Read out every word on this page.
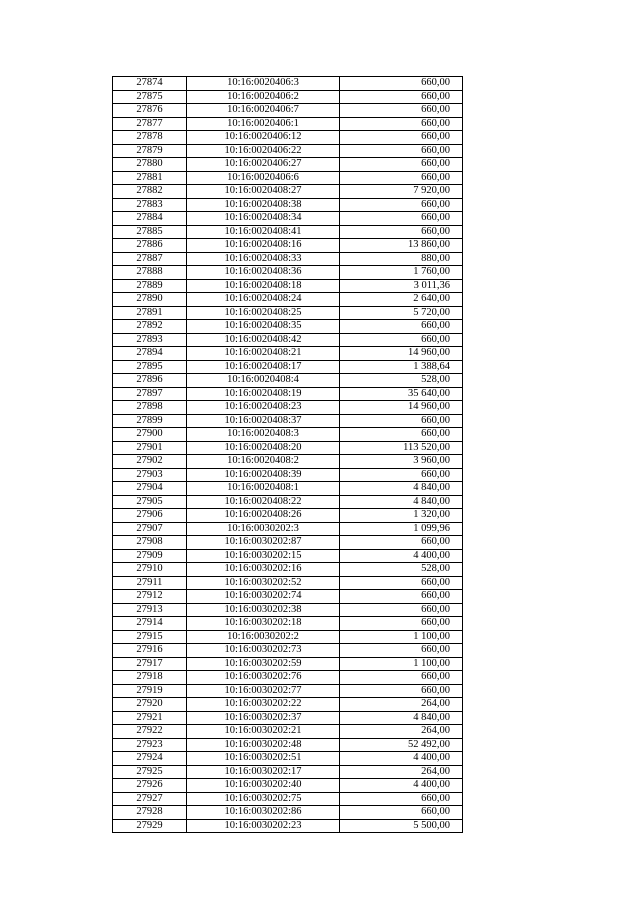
27874	10:16:0020406:3	660,00
27875	10:16:0020406:2	660,00
27876	10:16:0020406:7	660,00
27877	10:16:0020406:1	660,00
27878	10:16:0020406:12	660,00
27879	10:16:0020406:22	660,00
27880	10:16:0020406:27	660,00
27881	10:16:0020406:6	660,00
27882	10:16:0020408:27	7 920,00
27883	10:16:0020408:38	660,00
27884	10:16:0020408:34	660,00
27885	10:16:0020408:41	660,00
27886	10:16:0020408:16	13 860,00
27887	10:16:0020408:33	880,00
27888	10:16:0020408:36	1 760,00
27889	10:16:0020408:18	3 011,36
27890	10:16:0020408:24	2 640,00
27891	10:16:0020408:25	5 720,00
27892	10:16:0020408:35	660,00
27893	10:16:0020408:42	660,00
27894	10:16:0020408:21	14 960,00
27895	10:16:0020408:17	1 388,64
27896	10:16:0020408:4	528,00
27897	10:16:0020408:19	35 640,00
27898	10:16:0020408:23	14 960,00
27899	10:16:0020408:37	660,00
27900	10:16:0020408:3	660,00
27901	10:16:0020408:20	113 520,00
27902	10:16:0020408:2	3 960,00
27903	10:16:0020408:39	660,00
27904	10:16:0020408:1	4 840,00
27905	10:16:0020408:22	4 840,00
27906	10:16:0020408:26	1 320,00
27907	10:16:0030202:3	1 099,96
27908	10:16:0030202:87	660,00
27909	10:16:0030202:15	4 400,00
27910	10:16:0030202:16	528,00
27911	10:16:0030202:52	660,00
27912	10:16:0030202:74	660,00
27913	10:16:0030202:38	660,00
27914	10:16:0030202:18	660,00
27915	10:16:0030202:2	1 100,00
27916	10:16:0030202:73	660,00
27917	10:16:0030202:59	1 100,00
27918	10:16:0030202:76	660,00
27919	10:16:0030202:77	660,00
27920	10:16:0030202:22	264,00
27921	10:16:0030202:37	4 840,00
27922	10:16:0030202:21	264,00
27923	10:16:0030202:48	52 492,00
27924	10:16:0030202:51	4 400,00
27925	10:16:0030202:17	264,00
27926	10:16:0030202:40	4 400,00
27927	10:16:0030202:75	660,00
27928	10:16:0030202:86	660,00
27929	10:16:0030202:23	5 500,00
